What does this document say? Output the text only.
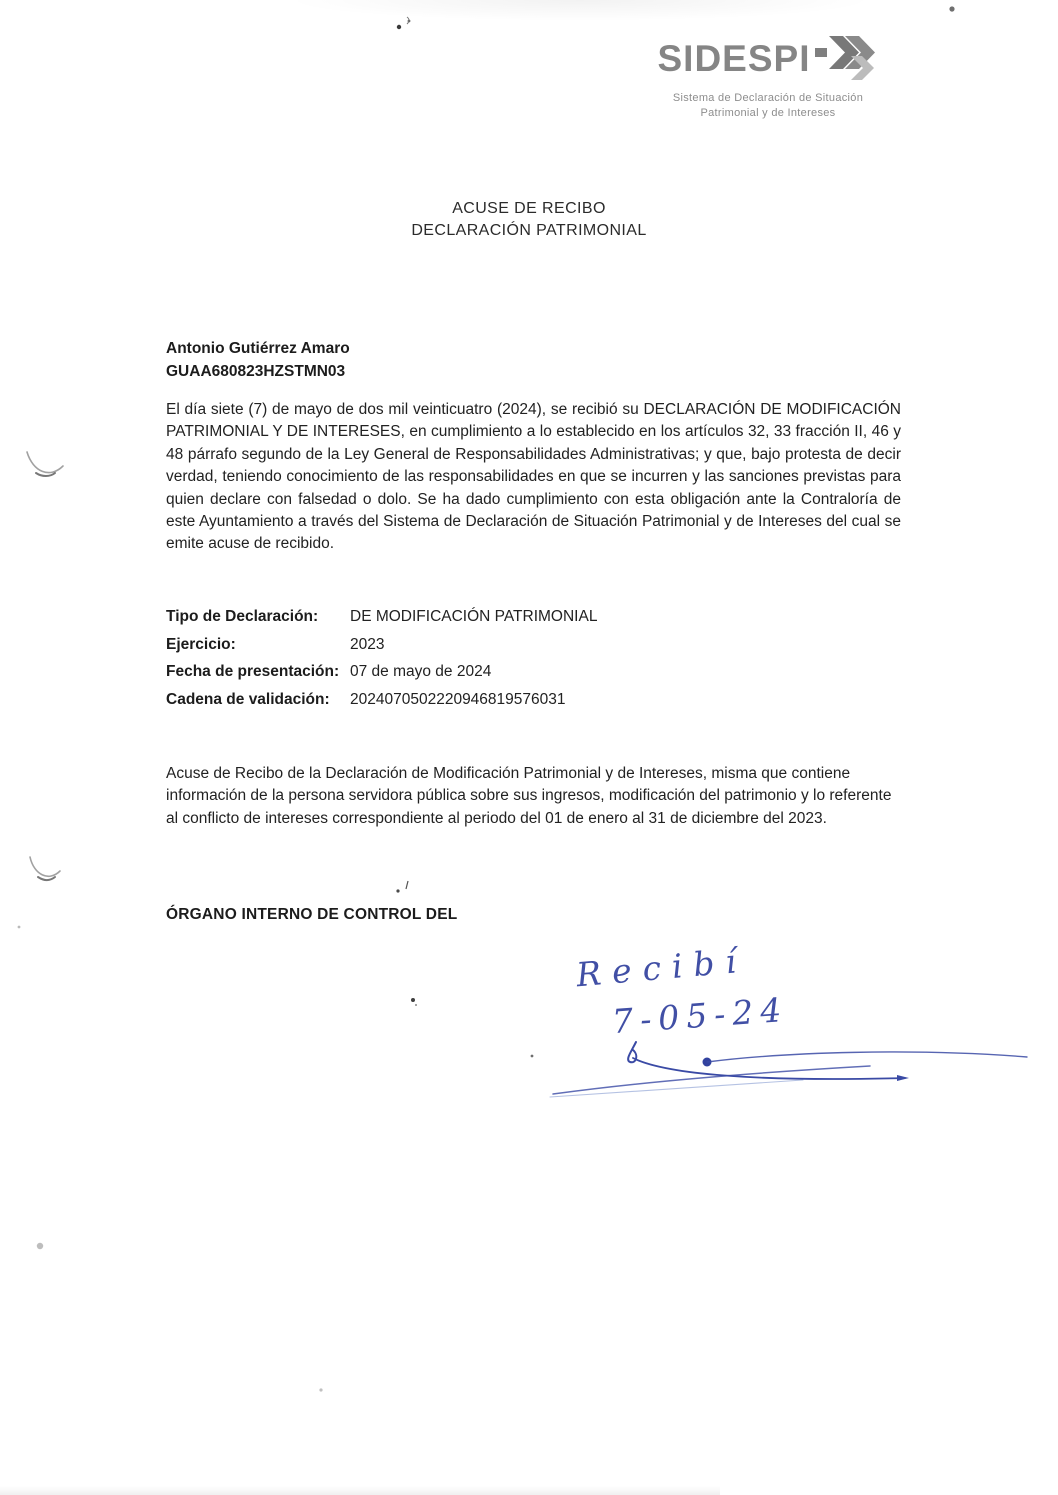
SIDESPI
Sistema de Declaración de Situación
Patrimonial y de Intereses
ACUSE DE RECIBO
DECLARACIÓN PATRIMONIAL
Antonio Gutiérrez Amaro
GUAA680823HZSTMN03
El día siete (7) de mayo de dos mil veinticuatro (2024), se recibió su DECLARACIÓN DE MODIFICACIÓN PATRIMONIAL Y DE INTERESES, en cumplimiento a lo establecido en los artículos 32, 33 fracción II, 46 y 48 párrafo segundo de la Ley General de Responsabilidades Administrativas; y que, bajo protesta de decir verdad, teniendo conocimiento de las responsabilidades en que se incurren y las sanciones previstas para quien declare con falsedad o dolo. Se ha dado cumplimiento con esta obligación ante la Contraloría de este Ayuntamiento a través del Sistema de Declaración de Situación Patrimonial y de Intereses del cual se emite acuse de recibido.
Tipo de Declaración:	DE MODIFICACIÓN PATRIMONIAL
Ejercicio:	2023
Fecha de presentación: 07 de mayo de 2024
Cadena de validación:	2024070502220946819576031
Acuse de Recibo de la Declaración de Modificación Patrimonial y de Intereses, misma que contiene información de la persona servidora pública sobre sus ingresos, modificación del patrimonio y lo referente al conflicto de intereses correspondiente al periodo del 01 de enero al 31 de diciembre del 2023.
ÓRGANO INTERNO DE CONTROL DEL
Recibí
7-05-24
